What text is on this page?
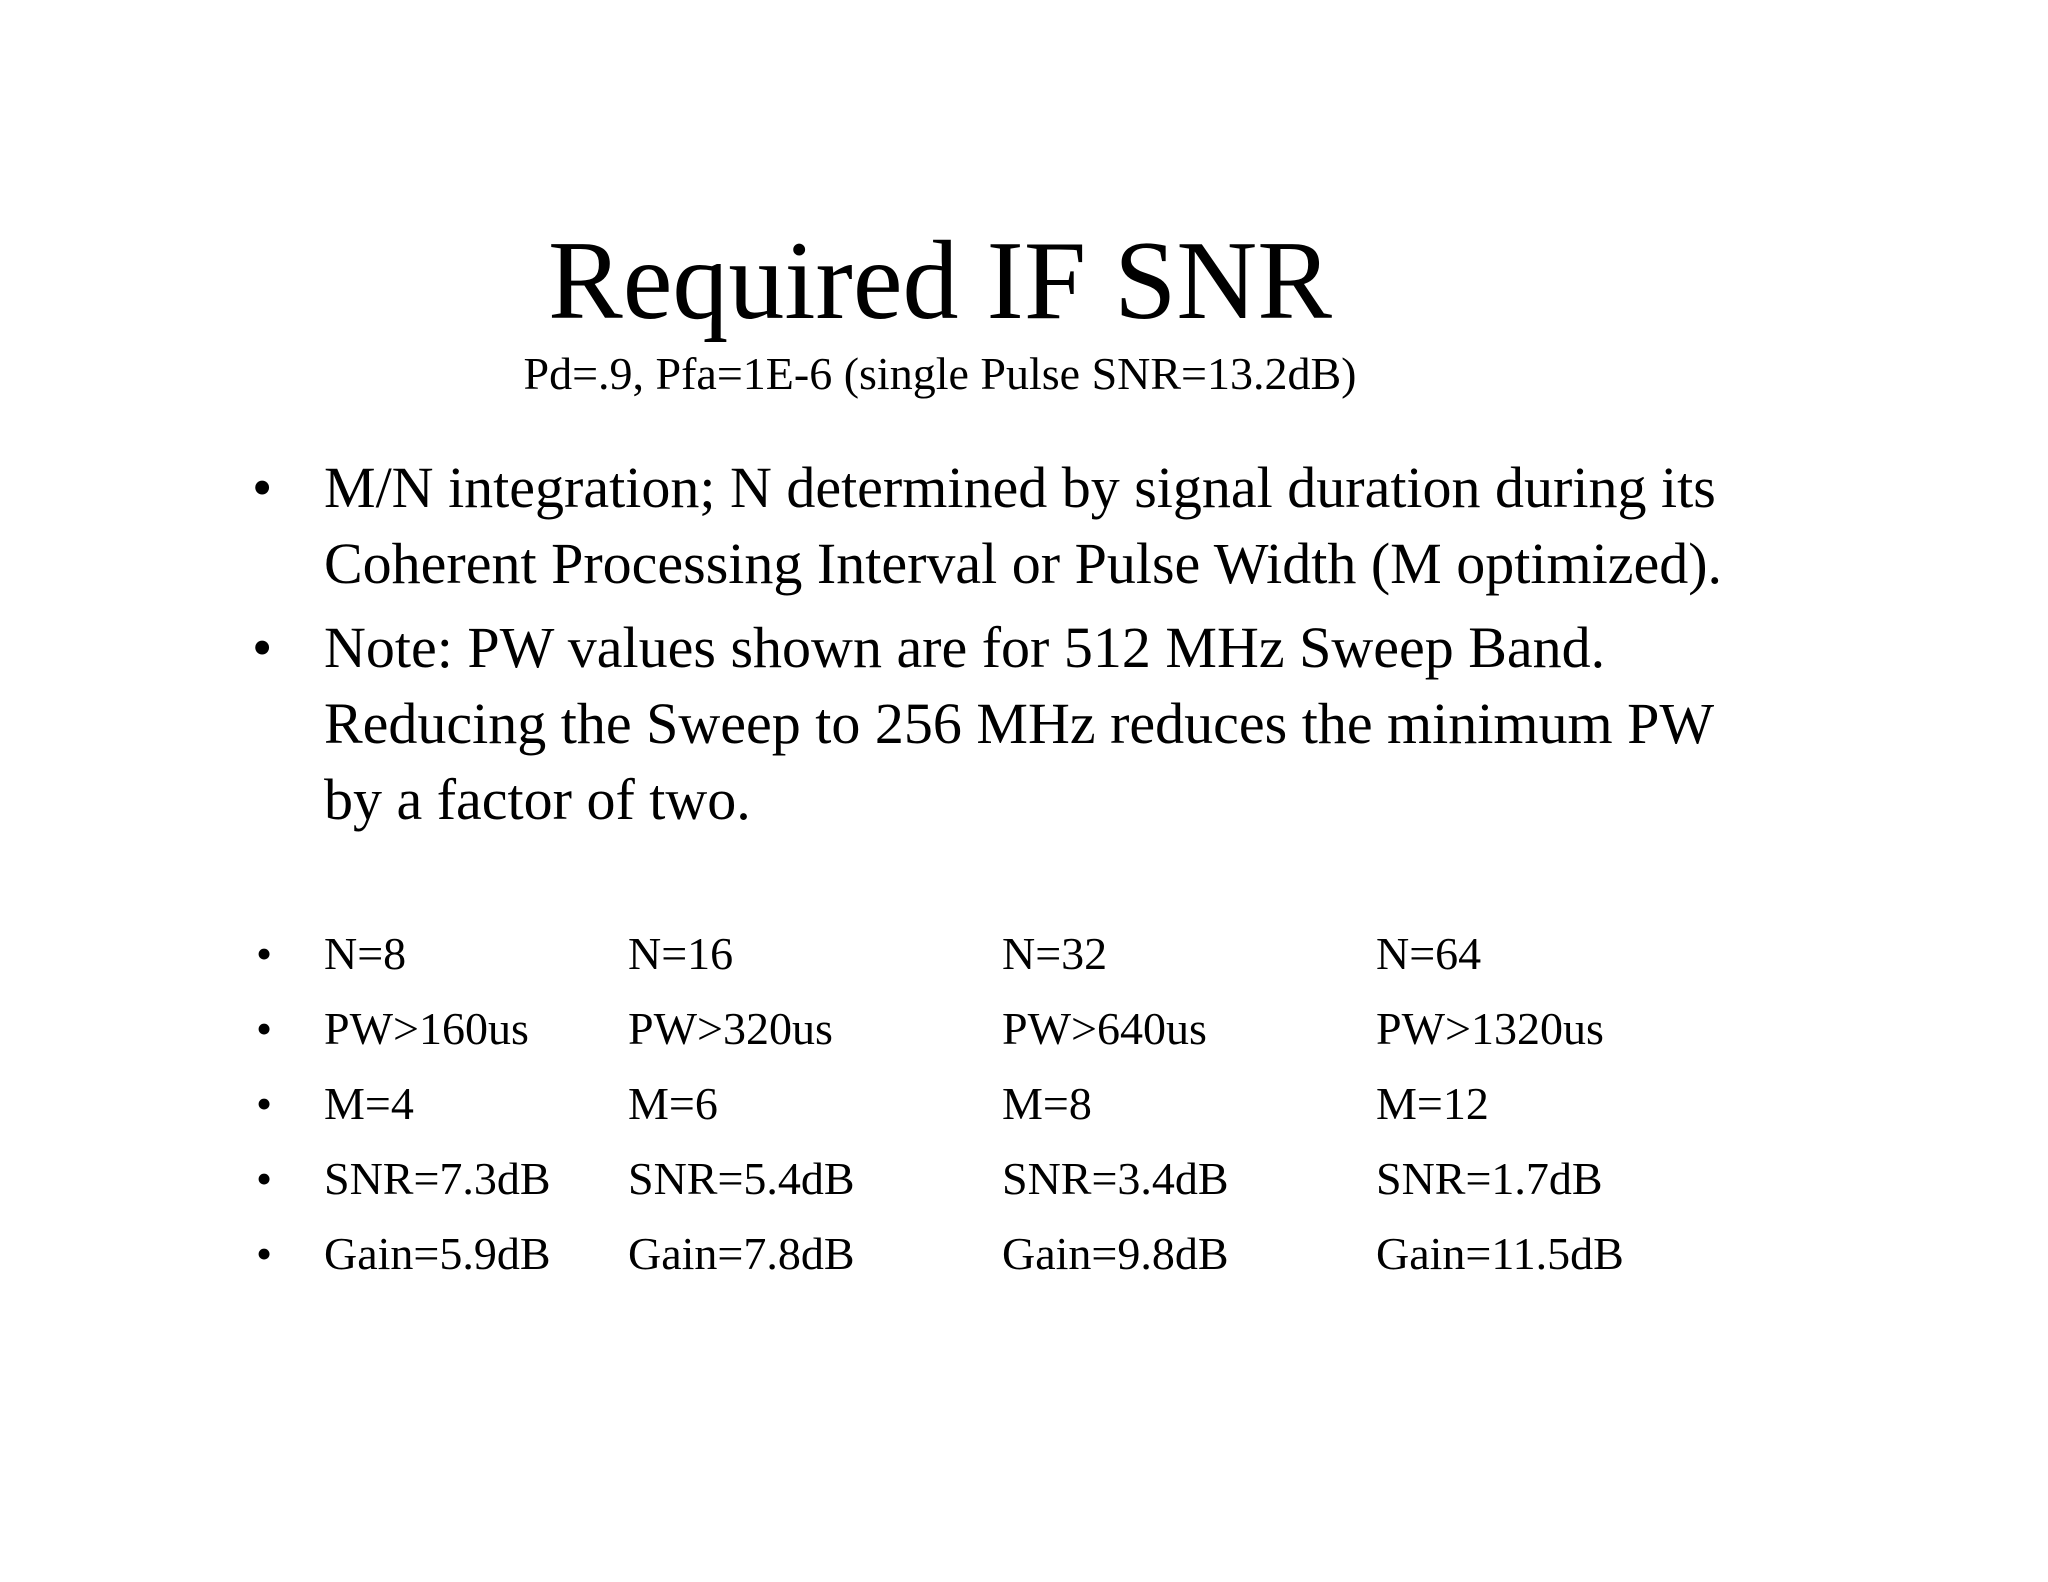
Required IF SNR
Pd=.9, Pfa=1E-6 (single Pulse SNR=13.2dB)
• M/N integration; N determined by signal duration during its Coherent Processing Interval or Pulse Width (M optimized).
• Note: PW values shown are for 512 MHz Sweep Band. Reducing the Sweep to 256 MHz reduces the minimum PW by a factor of two.
• N=8	N=16	N=32	N=64
• PW>160us PW>320us	PW>640us	PW>1320us
• M=4	M=6	M=8	M=12
• SNR=7.3dB SNR=5.4dB	SNR=3.4dB	SNR=1.7dB
• Gain=5.9dB Gain=7.8dB	Gain=9.8dB	Gain=11.5dB
